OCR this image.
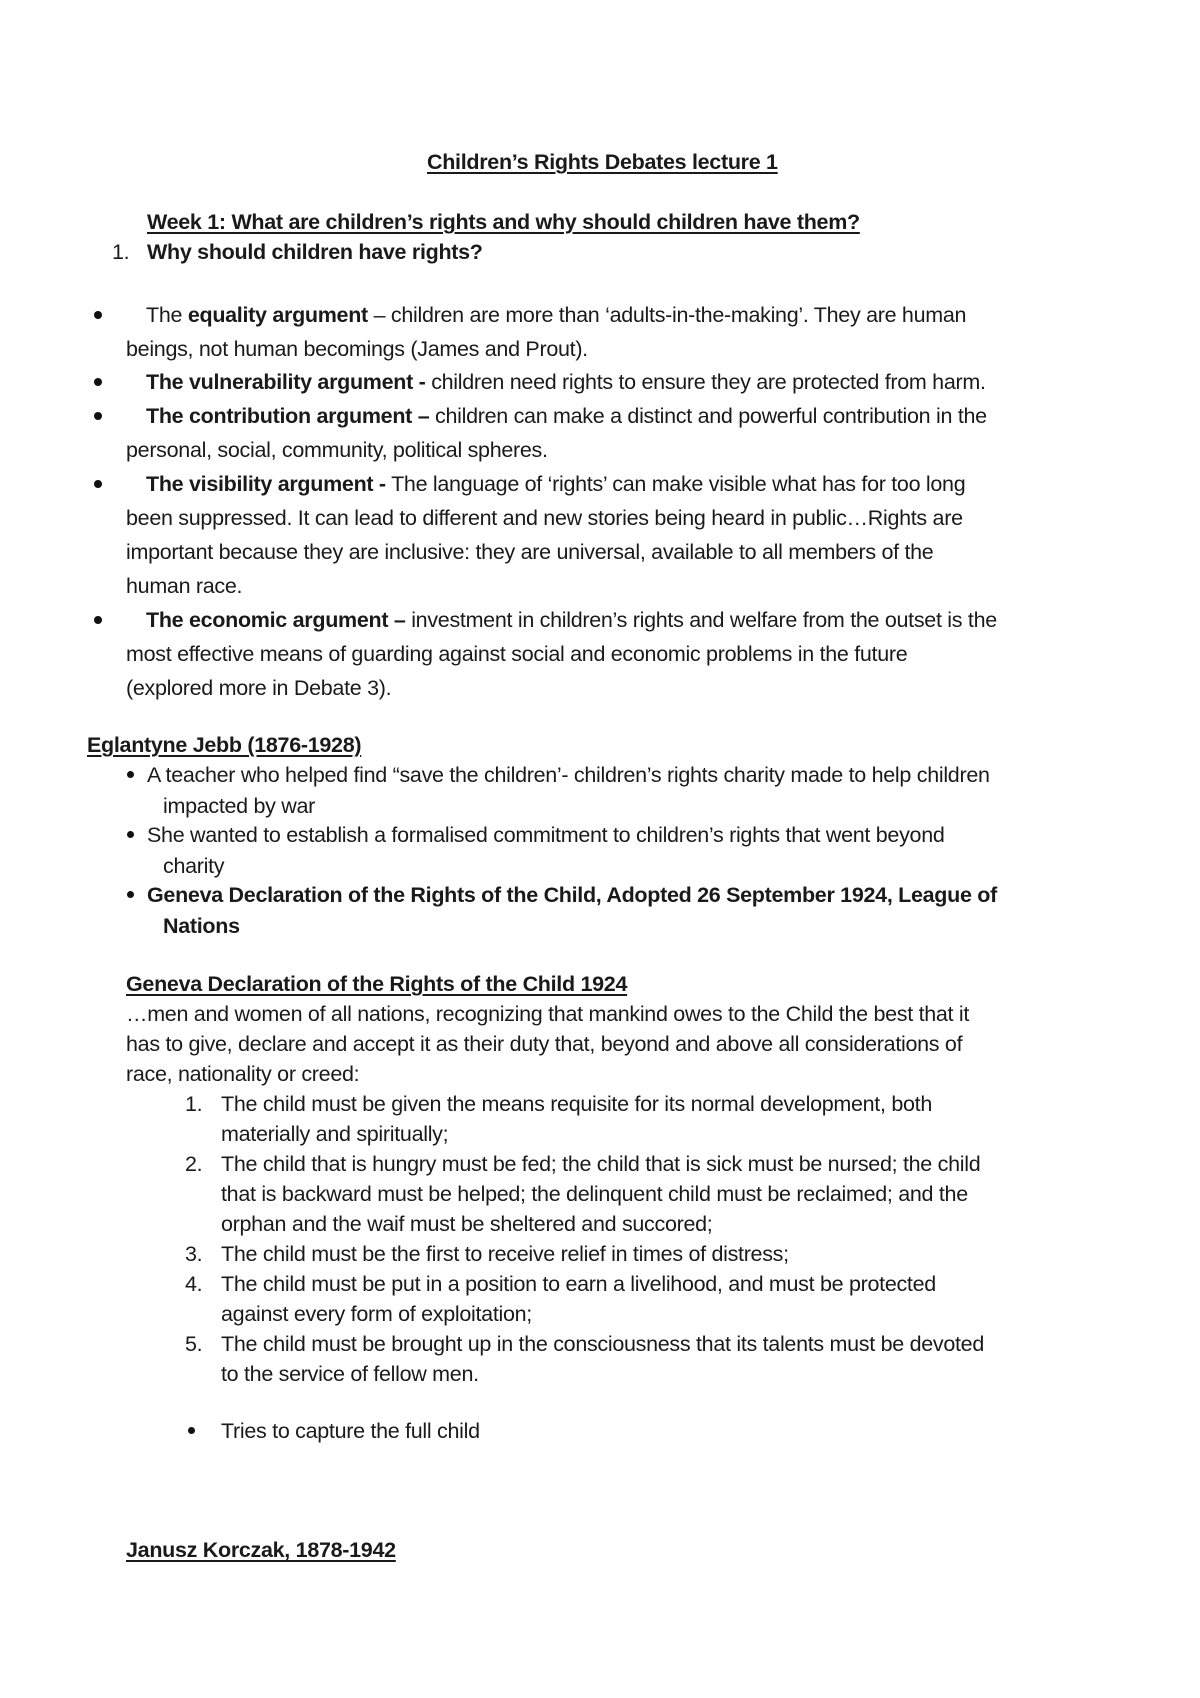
Children’s Rights Debates lecture 1
Week 1: What are children’s rights and why should children have them?
1. Why should children have rights?
The equality argument – children are more than ‘adults-in-the-making’. They are human
beings, not human becomings (James and Prout).
The vulnerability argument - children need rights to ensure they are protected from harm.
The contribution argument – children can make a distinct and powerful contribution in the
personal, social, community, political spheres.
The visibility argument - The language of ‘rights’ can make visible what has for too long
been suppressed. It can lead to different and new stories being heard in public…Rights are
important because they are inclusive: they are universal, available to all members of the
human race.
The economic argument – investment in children’s rights and welfare from the outset is the
most effective means of guarding against social and economic problems in the future
(explored more in Debate 3).
Eglantyne Jebb (1876-1928)
A teacher who helped find “save the children’- children’s rights charity made to help children
impacted by war
She wanted to establish a formalised commitment to children’s rights that went beyond
charity
Geneva Declaration of the Rights of the Child, Adopted 26 September 1924, League of
Nations
Geneva Declaration of the Rights of the Child 1924
…men and women of all nations, recognizing that mankind owes to the Child the best that it
has to give, declare and accept it as their duty that, beyond and above all considerations of
race, nationality or creed:
1. The child must be given the means requisite for its normal development, both
materially and spiritually;
2. The child that is hungry must be fed; the child that is sick must be nursed; the child
that is backward must be helped; the delinquent child must be reclaimed; and the
orphan and the waif must be sheltered and succored;
3. The child must be the first to receive relief in times of distress;
4. The child must be put in a position to earn a livelihood, and must be protected
against every form of exploitation;
5. The child must be brought up in the consciousness that its talents must be devoted
to the service of fellow men.
Tries to capture the full child
Janusz Korczak, 1878-1942
